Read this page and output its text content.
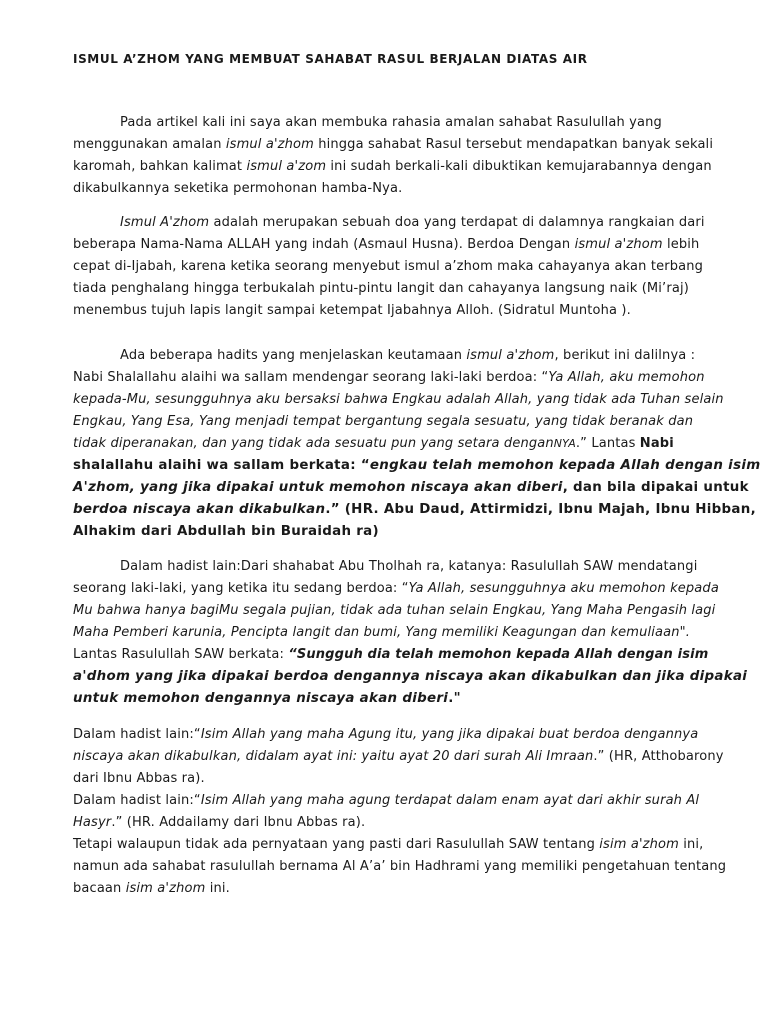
ISMUL A’ZHOM YANG MEMBUAT SAHABAT RASUL BERJALAN DIATAS AIR
Pada artikel kali ini saya akan membuka rahasia amalan sahabat Rasulullah yang
menggunakan amalan ismul a'zhom hingga sahabat Rasul tersebut mendapatkan banyak sekali
karomah, bahkan kalimat ismul a'zom ini sudah berkali-kali dibuktikan kemujarabannya dengan
dikabulkannya seketika permohonan hamba-Nya.
Ismul A'zhom adalah merupakan sebuah doa yang terdapat di dalamnya rangkaian dari
beberapa Nama-Nama ALLAH yang indah (Asmaul Husna). Berdoa Dengan ismul a'zhom lebih
cepat di-Ijabah, karena ketika seorang menyebut ismul a’zhom maka cahayanya akan terbang
tiada penghalang hingga terbukalah pintu-pintu langit dan cahayanya langsung naik (Mi’raj)
menembus tujuh lapis langit sampai ketempat Ijabahnya Alloh. (Sidratul Muntoha ).
Ada beberapa hadits yang menjelaskan keutamaan ismul a'zhom, berikut ini dalilnya :
Nabi Shalallahu alaihi wa sallam mendengar seorang laki-laki berdoa: “Ya Allah, aku memohon
kepada-Mu, sesungguhnya aku bersaksi bahwa Engkau adalah Allah, yang tidak ada Tuhan selain
Engkau, Yang Esa, Yang menjadi tempat bergantung segala sesuatu, yang tidak beranak dan
tidak diperanakan, dan yang tidak ada sesuatu pun yang setara denganNYA.” Lantas Nabi
shalallahu alaihi wa sallam berkata: “engkau telah memohon kepada Allah dengan isim
A'zhom, yang jika dipakai untuk memohon niscaya akan diberi, dan bila dipakai untuk
berdoa niscaya akan dikabulkan.” (HR. Abu Daud, Attirmidzi, Ibnu Majah, Ibnu Hibban,
Alhakim dari Abdullah bin Buraidah ra)
Dalam hadist lain:Dari shahabat Abu Tholhah ra, katanya: Rasulullah SAW mendatangi
seorang laki-laki, yang ketika itu sedang berdoa: “Ya Allah, sesungguhnya aku memohon kepada
Mu bahwa hanya bagiMu segala pujian, tidak ada tuhan selain Engkau, Yang Maha Pengasih lagi
Maha Pemberi karunia, Pencipta langit dan bumi, Yang memiliki Keagungan dan kemuliaan".
Lantas Rasulullah SAW berkata: “Sungguh dia telah memohon kepada Allah dengan isim
a'dhom yang jika dipakai berdoa dengannya niscaya akan dikabulkan dan jika dipakai
untuk memohon dengannya niscaya akan diberi."
Dalam hadist lain:“Isim Allah yang maha Agung itu, yang jika dipakai buat berdoa dengannya
niscaya akan dikabulkan, didalam ayat ini: yaitu ayat 20 dari surah Ali Imraan.” (HR, Atthobarony
dari Ibnu Abbas ra).
Dalam hadist lain:“Isim Allah yang maha agung terdapat dalam enam ayat dari akhir surah Al
Hasyr.” (HR. Addailamy dari Ibnu Abbas ra).
Tetapi walaupun tidak ada pernyataan yang pasti dari Rasulullah SAW tentang isim a'zhom ini,
namun ada sahabat rasulullah bernama Al A’a’ bin Hadhrami yang memiliki pengetahuan tentang
bacaan isim a'zhom ini.
